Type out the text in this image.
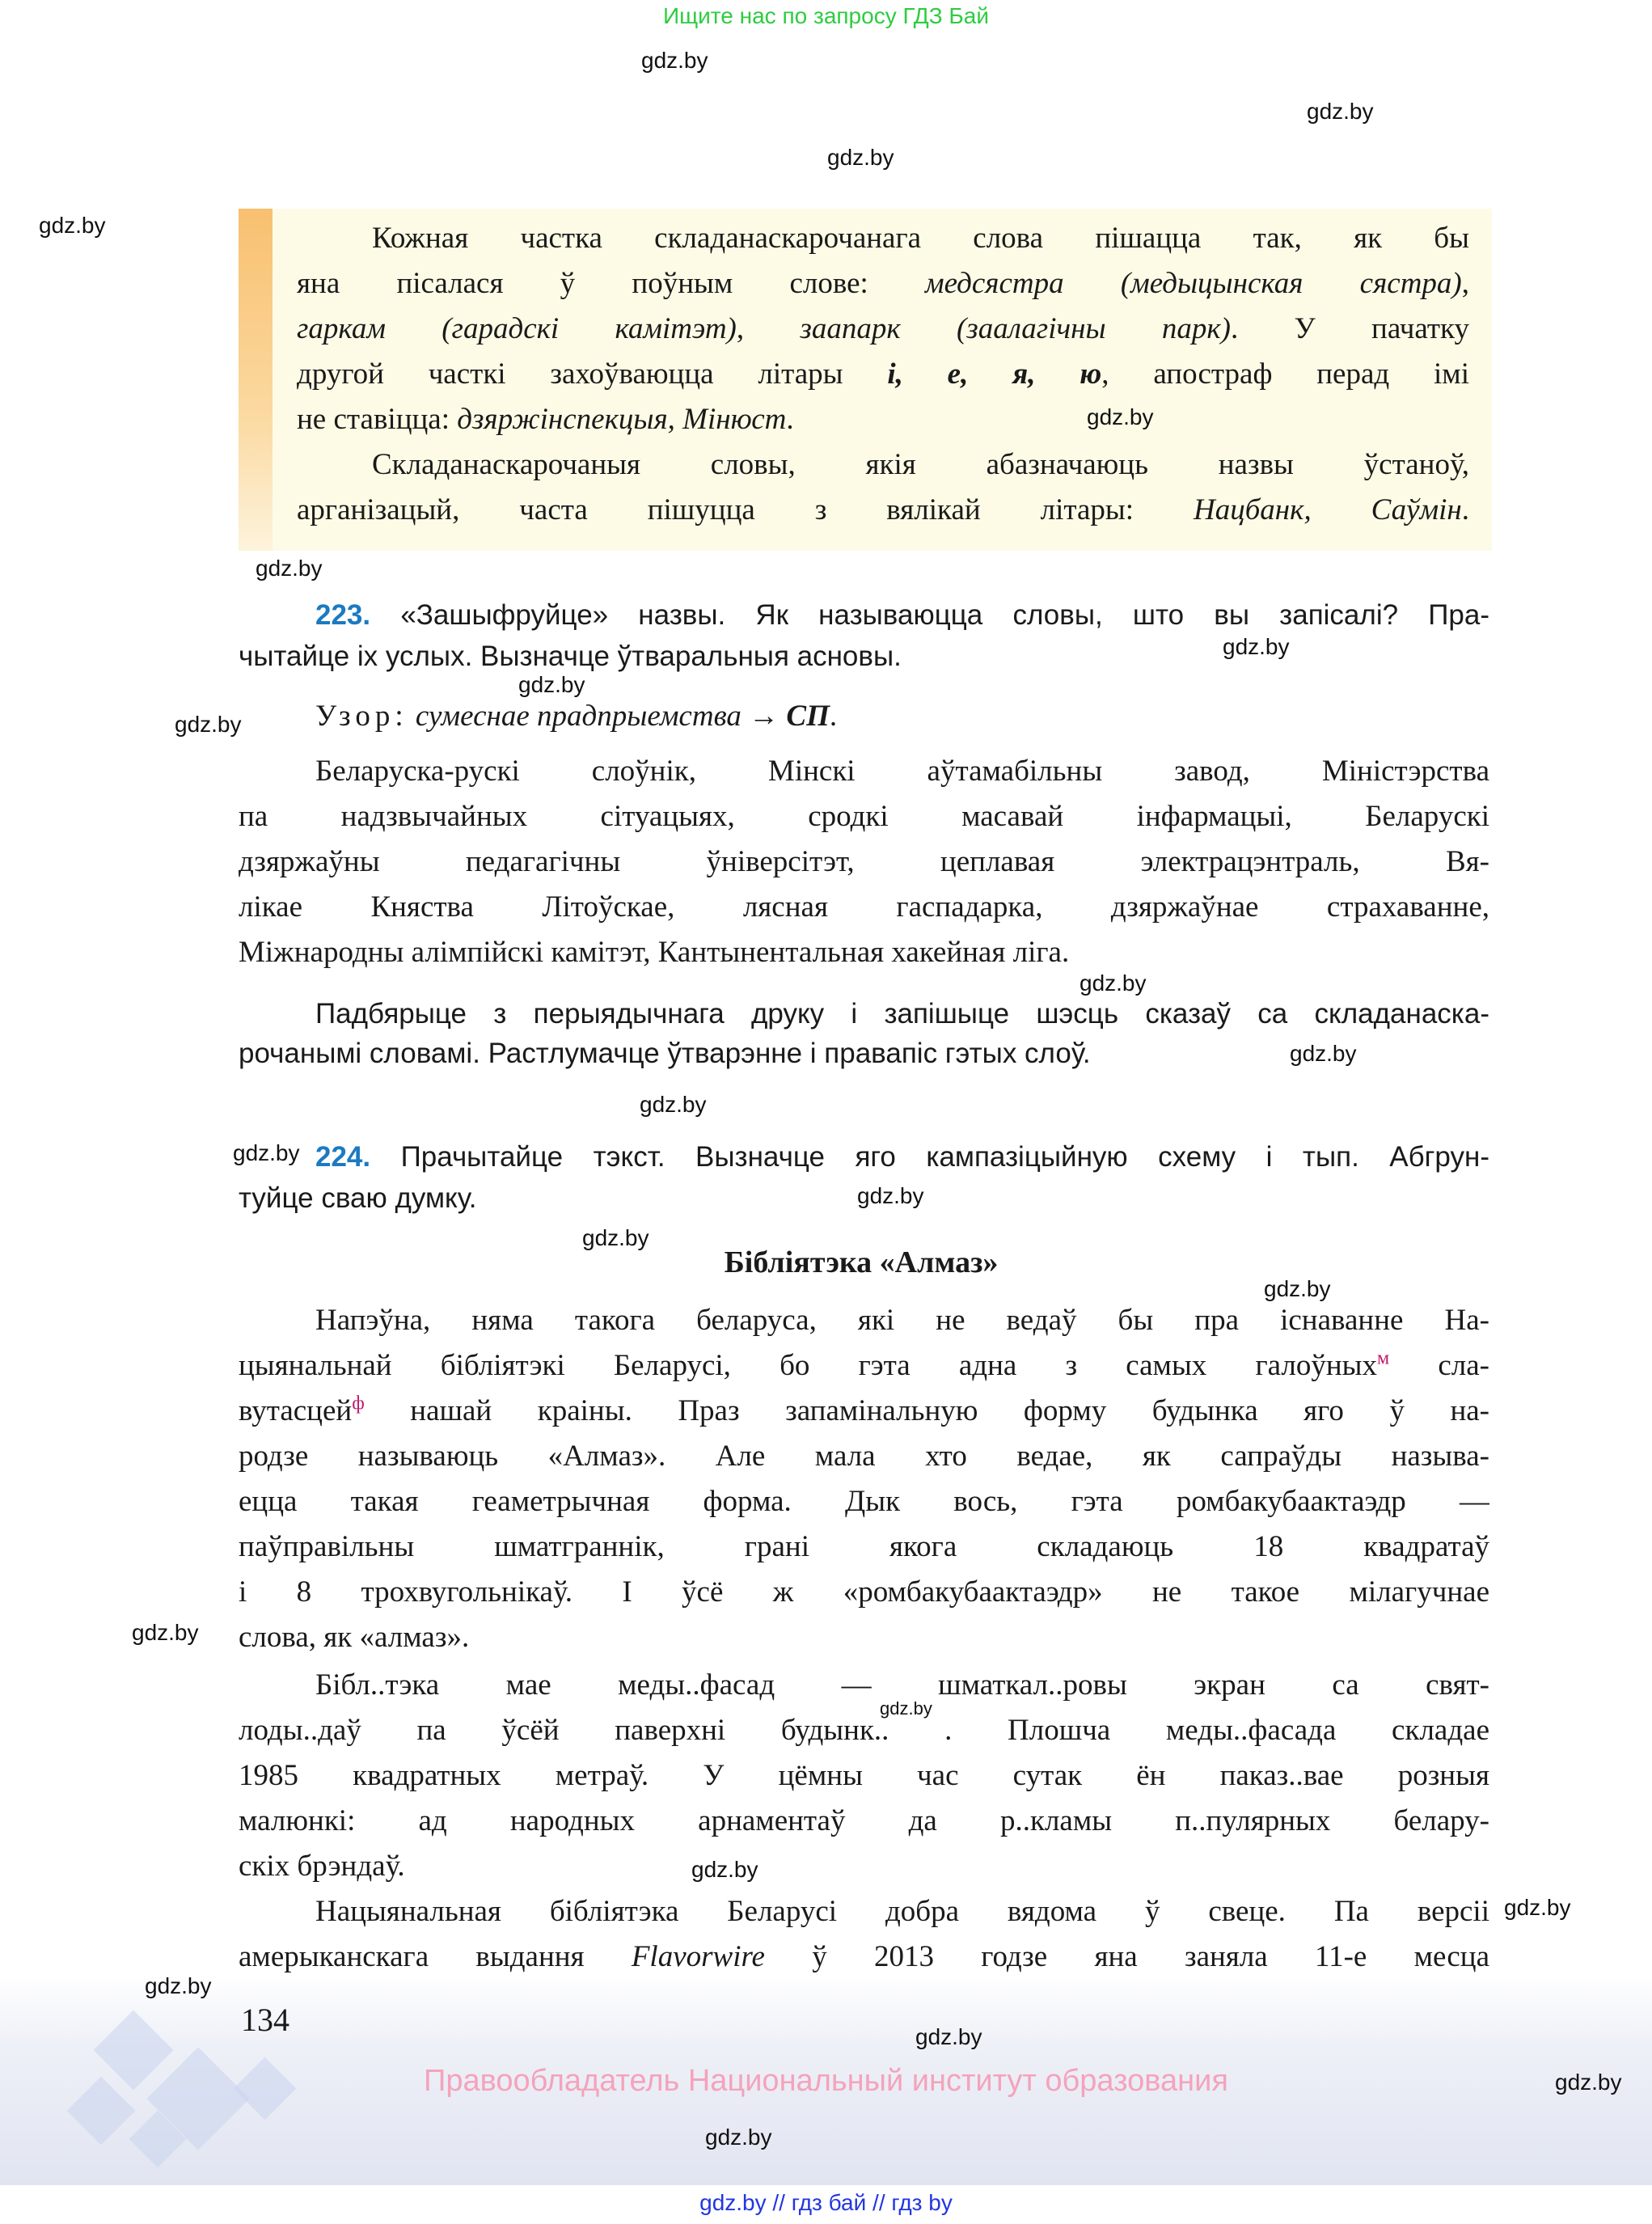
Ищите нас по запросу ГДЗ Бай
Кожная частка складанаскарочанага слова пішацца так, як бы
яна пісалася ў поўным слове: медсястра (медыцынская сястра),
гаркам (гарадскі камітэт), заапарк (заалагічны парк). У пачатку
другой часткі захоўваюцца літары і, е, я, ю, апостраф перад імі
не ставіцца: дзяржінспекцыя, Мінюст.
Складанаскарочаныя словы, якія абазначаюць назвы ўстаноў,
арганізацый, часта пішуцца з вялікай літары: Нацбанк, Саўмін.
223. «Зашыфруйце» назвы. Як называюцца словы, што вы запісалі? Пра-
чытайце іх услых. Вызначце ўтваральныя асновы.
Узор: сумеснае прадпрыемства → СП.
Беларуска-рускі слоўнік, Мінскі аўтамабільны завод, Міністэрства
па надзвычайных сітуацыях, сродкі масавай інфармацыі, Беларускі
дзяржаўны педагагічны ўніверсітэт, цеплавая электрацэнтраль, Вя-
лікае Княства Літоўскае, лясная гаспадарка, дзяржаўнае страхаванне,
Міжнародны алімпійскі камітэт, Кантынентальная хакейная ліга.
Падбярыце з перыядычнага друку і запішыце шэсць сказаў са складанаска-
рочанымі словамі. Растлумачце ўтварэнне і правапіс гэтых слоў.
224. Прачытайце тэкст. Вызначце яго кампазіцыйную схему і тып. Абгрун-
туйце сваю думку.
Бібліятэка «Алмаз»
Напэўна, няма такога беларуса, які не ведаў бы пра існаванне На-
цыянальнай бібліятэкі Беларусі, бо гэта адна з самых галоўных$^м$ сла-
вутасцей$^ф$ нашай краіны. Праз запамінальную форму будынка яго ў на-
родзе называюць «Алмаз». Але мала хто ведае, як сапраўды называ-
ецца такая геаметрычная форма. Дык вось, гэта ромбакубаактаэдр —
паўправільны шматграннік, грані якога складаюць 18 квадратаў
і 8 трохвугольнікаў. І ўсё ж «ромбакубаактаэдр» не такое мілагучнае
слова, як «алмаз».
Бібл..тэка мае меды..фасад — шматкал..ровы экран са свят-
лоды..даў па ўсёй паверхні будынк.. . Плошча меды..фасада складае
1985 квадратных метраў. У цёмны час сутак ён паказ..вае розныя
малюнкі: ад народных арнаментаў да р..кламы п..пулярных белару-
скіх брэндаў.
Нацыянальная бібліятэка Беларусі добра вядома ў свеце. Па версіі
амерыканскага выдання Flavorwire ў 2013 годзе яна заняла 11-е месца
134
Правообладатель Национальный институт образования
gdz.by // гдз бай // гдз by
gdz.by
gdz.by
gdz.by
gdz.by
gdz.by
gdz.by
gdz.by
gdz.by
gdz.by
gdz.by
gdz.by
gdz.by
gdz.by
gdz.by
gdz.by
gdz.by
gdz.by
gdz.by
gdz.by
gdz.by
gdz.by
gdz.by
gdz.by
gdz.by
